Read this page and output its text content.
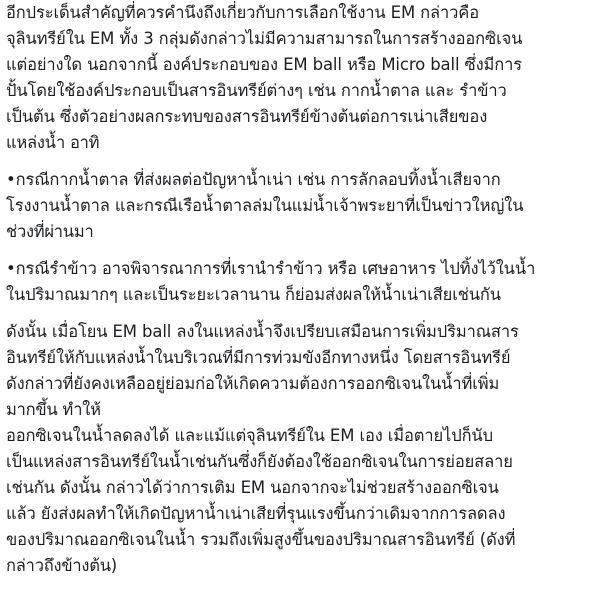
อีกประเด็นสำคัญที่ควรคำนึงถึงเกี่ยวกับการเลือกใช้งาน EM กล่าวคือ
จุลินทรีย์ใน EM ทั้ง 3 กลุ่มดังกล่าวไม่มีความสามารถในการสร้างออกซิเจน
แต่อย่างใด นอกจากนี้ องค์ประกอบของ EM ball หรือ Micro ball ซึ่งมีการ
ปั้นโดยใช้องค์ประกอบเป็นสารอินทรีย์ต่างๆ เช่น กากน้ำตาล และ รำข้าว
เป็นต้น ซึ่งตัวอย่างผลกระทบของสารอินทรีย์ข้างต้นต่อการเน่าเสียของ
แหล่งน้ำ อาทิ
•กรณีกากน้ำตาล ที่ส่งผลต่อปัญหาน้ำเน่า เช่น การลักลอบทิ้งน้ำเสียจาก
โรงงานน้ำตาล และกรณีเรือน้ำตาลล่มในแม่น้ำเจ้าพระยาที่เป็นข่าวใหญ่ใน
ช่วงที่ผ่านมา
•กรณีรำข้าว อาจพิจารณาการที่เรานำรำข้าว หรือ เศษอาหาร ไปทิ้งไว้ในน้ำ
ในปริมาณมากๆ และเป็นระยะเวลานาน ก็ย่อมส่งผลให้น้ำเน่าเสียเช่นกัน
ดังนั้น เมื่อโยน EM ball ลงในแหล่งน้ำจึงเปรียบเสมือนการเพิ่มปริมาณสาร
อินทรีย์ให้กับแหล่งน้ำในบริเวณที่มีการท่วมขังอีกทางหนึ่ง โดยสารอินทรีย์
ดังกล่าวที่ยังคงเหลืออยู่ย่อมก่อให้เกิดความต้องการออกซิเจนในน้ำที่เพิ่ม
มากขึ้น ทำให้
ออกซิเจนในน้ำลดลงได้ และแม้แต่จุลินทรีย์ใน EM เอง เมื่อตายไปก็นับ
เป็นแหล่งสารอินทรีย์ในน้ำเช่นกันซึ่งก็ยังต้องใช้ออกซิเจนในการย่อยสลาย
เช่นกัน ดังนั้น กล่าวได้ว่าการเติม EM นอกจากจะไม่ช่วยสร้างออกซิเจน
แล้ว ยังส่งผลทำให้เกิดปัญหาน้ำเน่าเสียที่รุนแรงขึ้นกว่าเดิมจากการลดลง
ของปริมาณออกซิเจนในน้ำ รวมถึงเพิ่มสูงขึ้นของปริมาณสารอินทรีย์ (ดังที่
กล่าวถึงข้างต้น)
